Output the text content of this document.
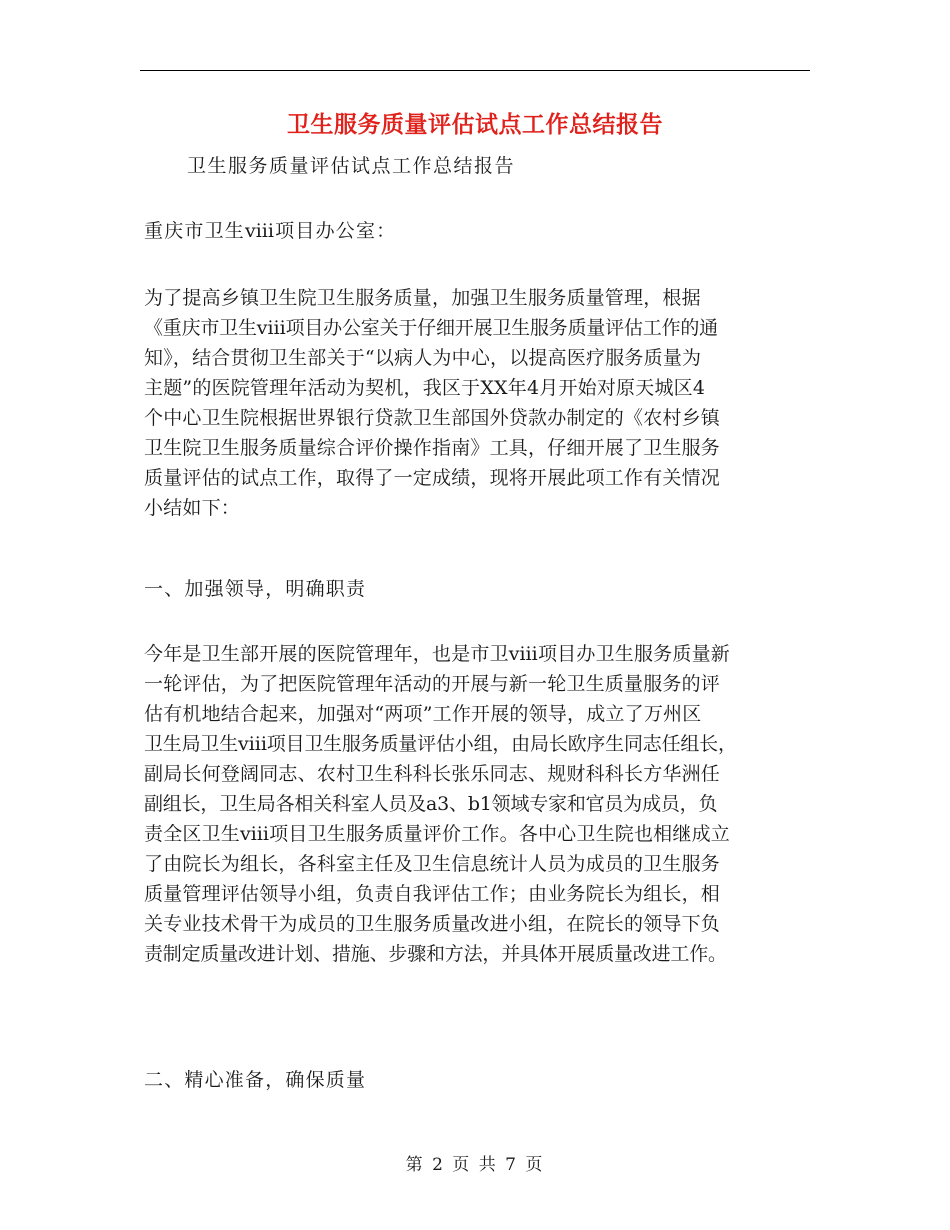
卫生服务质量评估试点工作总结报告
卫生服务质量评估试点工作总结报告
重庆市卫生ⅷ项目办公室：
为了提高乡镇卫生院卫生服务质量，加强卫生服务质量管理，根据
《重庆市卫生ⅷ项目办公室关于仔细开展卫生服务质量评估工作的通
知》，结合贯彻卫生部关于“以病人为中心，以提高医疗服务质量为
主题”的医院管理年活动为契机，我区于XX年4月开始对原天城区4
个中心卫生院根据世界银行贷款卫生部国外贷款办制定的《农村乡镇
卫生院卫生服务质量综合评价操作指南》工具，仔细开展了卫生服务
质量评估的试点工作，取得了一定成绩，现将开展此项工作有关情况
小结如下：
一、加强领导，明确职责
今年是卫生部开展的医院管理年，也是市卫ⅷ项目办卫生服务质量新
一轮评估，为了把医院管理年活动的开展与新一轮卫生质量服务的评
估有机地结合起来，加强对“两项”工作开展的领导，成立了万州区
卫生局卫生ⅷ项目卫生服务质量评估小组，由局长欧序生同志任组长，
副局长何登阔同志、农村卫生科科长张乐同志、规财科科长方华洲任
副组长，卫生局各相关科室人员及a3、b1领域专家和官员为成员，负
责全区卫生ⅷ项目卫生服务质量评价工作。各中心卫生院也相继成立
了由院长为组长，各科室主任及卫生信息统计人员为成员的卫生服务
质量管理评估领导小组，负责自我评估工作；由业务院长为组长，相
关专业技术骨干为成员的卫生服务质量改进小组，在院长的领导下负
责制定质量改进计划、措施、步骤和方法，并具体开展质量改进工作。
二、精心准备，确保质量
第 2 页 共 7 页
